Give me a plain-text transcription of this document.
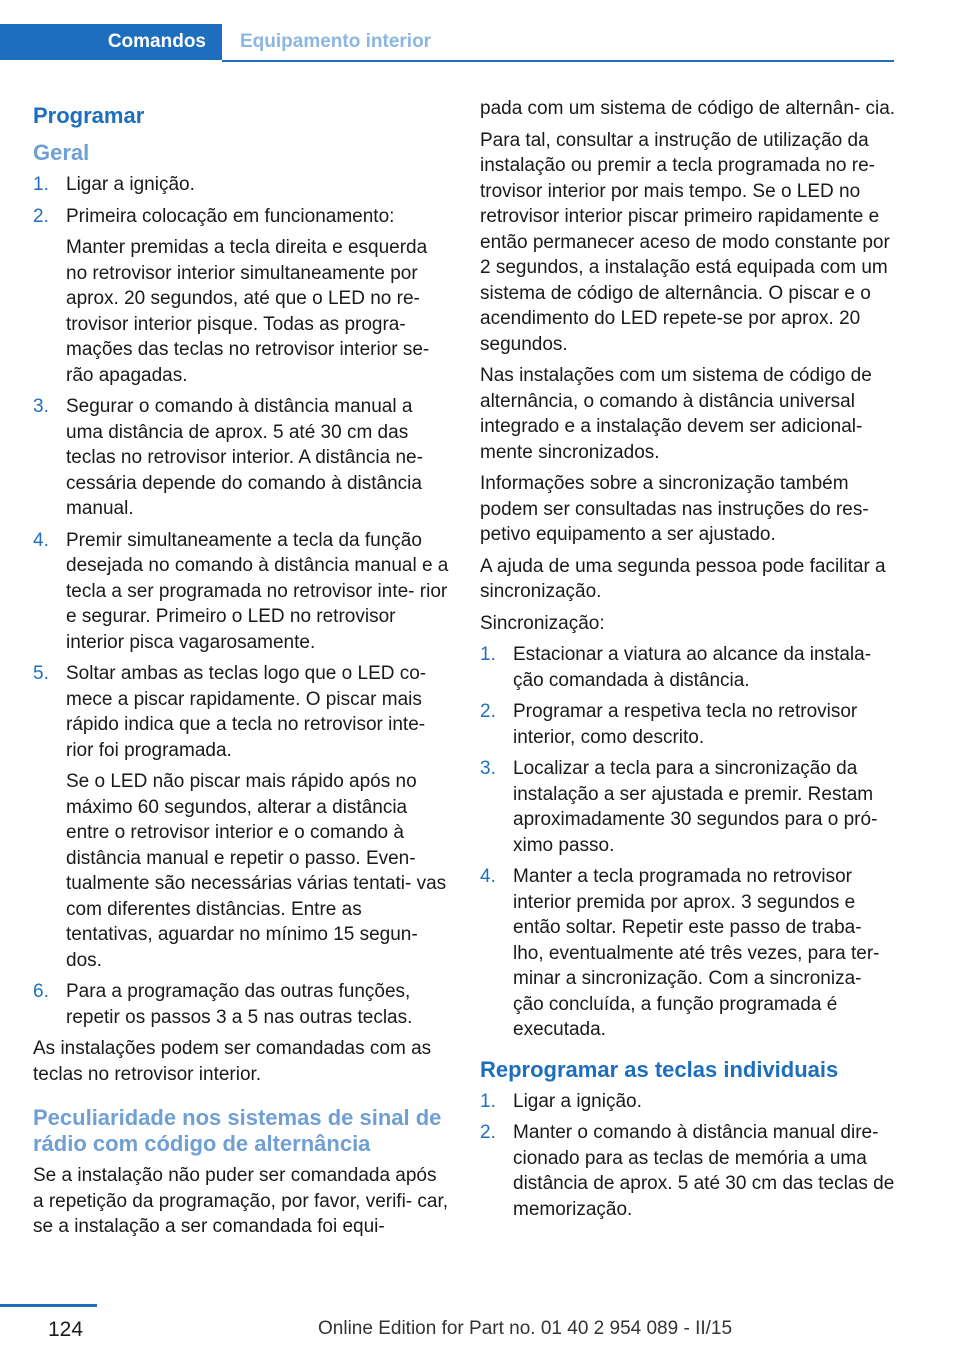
Comandos	Equipamento interior
Programar
Geral
1. Ligar a ignição.

2. Primeira colocação em funcionamento:

Manter premidas a tecla direita e esquerda no retrovisor interior simultaneamente por aprox. 20 segundos, até que o LED no re‐ trovisor interior pisque. Todas as progra‐ mações das teclas no retrovisor interior se‐ rão apagadas.

3. Segurar o comando à distância manual a uma distância de aprox. 5 até 30 cm das teclas no retrovisor interior. A distância ne‐ cessária depende do comando à distância manual.

4. Premir simultaneamente a tecla da função desejada no comando à distância manual e a tecla a ser programada no retrovisor inte‐ rior e segurar. Primeiro o LED no retrovisor interior pisca vagarosamente.

5. Soltar ambas as teclas logo que o LED co‐ mece a piscar rapidamente. O piscar mais rápido indica que a tecla no retrovisor inte‐ rior foi programada.

Se o LED não piscar mais rápido após no máximo 60 segundos, alterar a distância entre o retrovisor interior e o comando à distância manual e repetir o passo. Even‐ tualmente são necessárias várias tentati‐ vas com diferentes distâncias. Entre as tentativas, aguardar no mínimo 15 segun‐ dos.

6. Para a programação das outras funções, repetir os passos 3 a 5 nas outras teclas.

As instalações podem ser comandadas com as teclas no retrovisor interior.

Peculiaridade nos sistemas de sinal de rádio com código de alternância

Se a instalação não puder ser comandada após a repetição da programação, por favor, verifi‐ car, se a instalação a ser comandada foi equi‐

pada com um sistema de código de alternân‐ cia.

Para tal, consultar a instrução de utilização da instalação ou premir a tecla programada no re‐ trovisor interior por mais tempo. Se o LED no retrovisor interior piscar primeiro rapidamente e então permanecer aceso de modo constante por 2 segundos, a instalação está equipada com um sistema de código de alternância. O piscar e o acendimento do LED repete-se por aprox. 20 segundos.

Nas instalações com um sistema de código de alternância, o comando à distância universal integrado e a instalação devem ser adicional‐ mente sincronizados.

Informações sobre a sincronização também podem ser consultadas nas instruções do res‐ petivo equipamento a ser ajustado.

A ajuda de uma segunda pessoa pode facilitar a sincronização.

Sincronização:

1. Estacionar a viatura ao alcance da instala‐ ção comandada à distância.

2. Programar a respetiva tecla no retrovisor interior, como descrito.

3. Localizar a tecla para a sincronização da instalação a ser ajustada e premir. Restam aproximadamente 30 segundos para o pró‐ ximo passo.

4. Manter a tecla programada no retrovisor interior premida por aprox. 3 segundos e então soltar. Repetir este passo de traba‐ lho, eventualmente até três vezes, para ter‐ minar a sincronização. Com a sincroniza‐ ção concluída, a função programada é executada.

Reprogramar as teclas individuais
1. Ligar a ignição.

2. Manter o comando à distância manual dire‐ cionado para as teclas de memória a uma distância de aprox. 5 até 30 cm das teclas de memorização.

124	Online Edition for Part no. 01 40 2 954 089 - II/15
